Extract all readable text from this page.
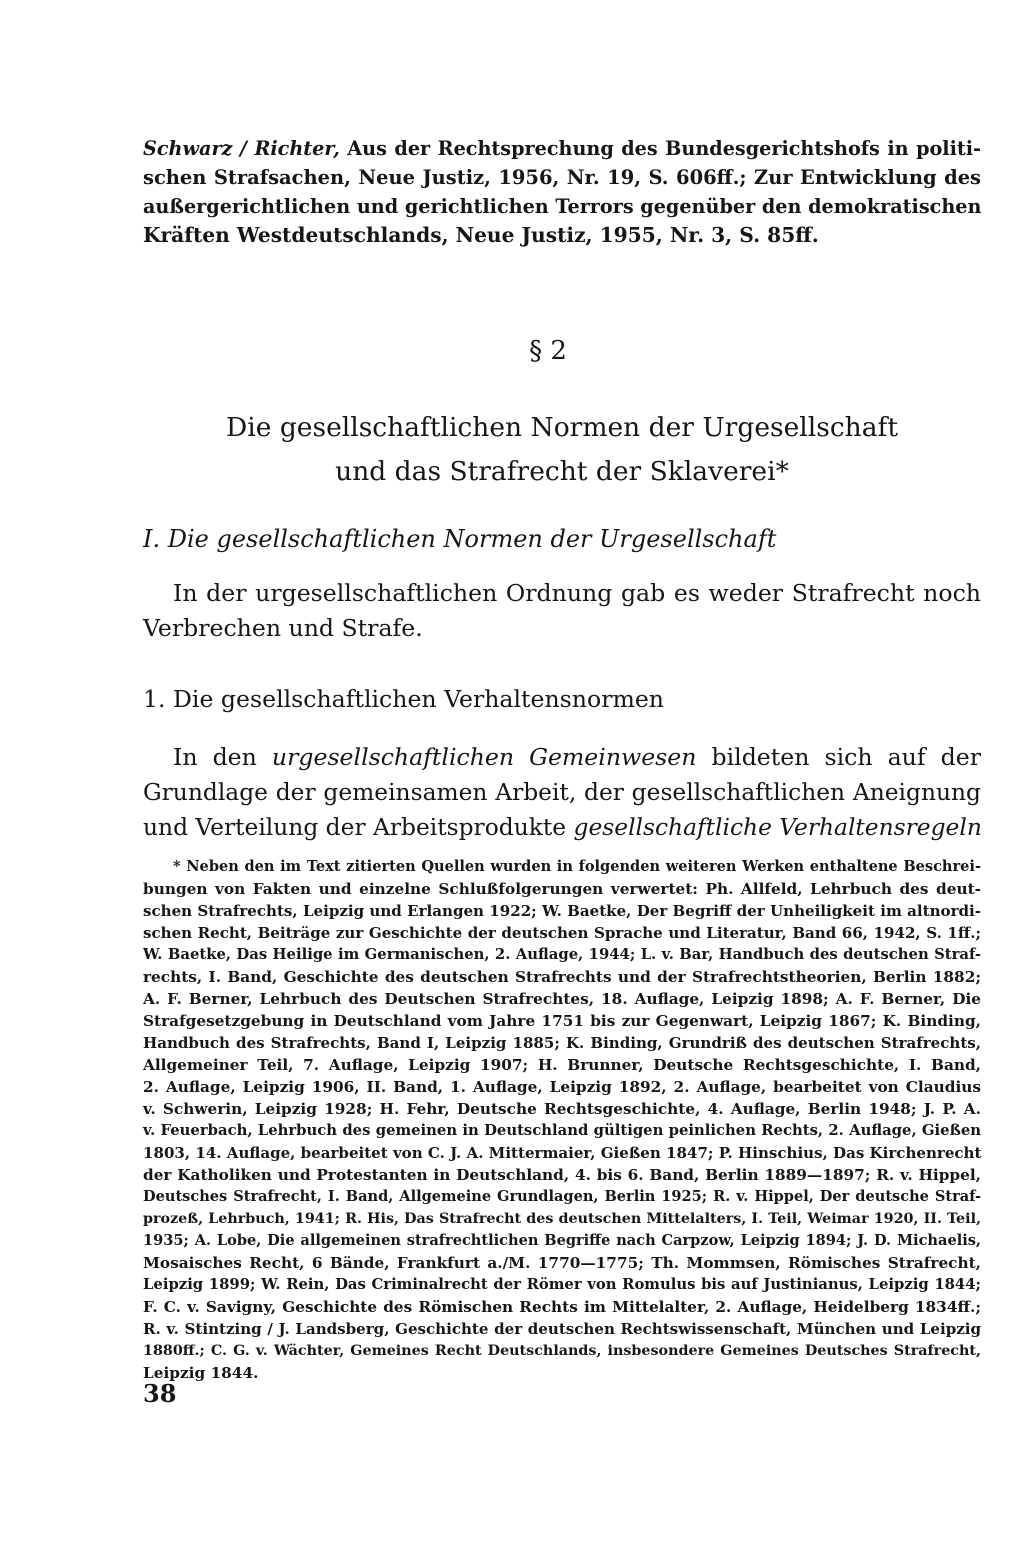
Schwarz / Richter, Aus der Rechtsprechung des Bundesgerichtshofs in politi-
schen Strafsachen, Neue Justiz, 1956, Nr. 19, S. 606ff.; Zur Entwicklung des
außergerichtlichen und gerichtlichen Terrors gegenüber den demokratischen
Kräften Westdeutschlands, Neue Justiz, 1955, Nr. 3, S. 85ff.
§ 2
Die gesellschaftlichen Normen der Urgesellschaft
und das Strafrecht der Sklaverei*
I. Die gesellschaftlichen Normen der Urgesellschaft
In der urgesellschaftlichen Ordnung gab es weder Strafrecht noch
Verbrechen und Strafe.
1. Die gesellschaftlichen Verhaltensnormen
In den urgesellschaftlichen Gemeinwesen bildeten sich auf der
Grundlage der gemeinsamen Arbeit, der gesellschaftlichen Aneignung
und Verteilung der Arbeitsprodukte gesellschaftliche Verhaltensregeln
* Neben den im Text zitierten Quellen wurden in folgenden weiteren Werken enthaltene Beschrei-
bungen von Fakten und einzelne Schlußfolgerungen verwertet: Ph. Allfeld, Lehrbuch des deut-
schen Strafrechts, Leipzig und Erlangen 1922; W. Baetke, Der Begriff der Unheiligkeit im altnordi-
schen Recht, Beiträge zur Geschichte der deutschen Sprache und Literatur, Band 66, 1942, S. 1ff.;
W. Baetke, Das Heilige im Germanischen, 2. Auflage, 1944; L. v. Bar, Handbuch des deutschen Straf-
rechts, I. Band, Geschichte des deutschen Strafrechts und der Strafrechtstheorien, Berlin 1882;
A. F. Berner, Lehrbuch des Deutschen Strafrechtes, 18. Auflage, Leipzig 1898; A. F. Berner, Die
Strafgesetzgebung in Deutschland vom Jahre 1751 bis zur Gegenwart, Leipzig 1867; K. Binding,
Handbuch des Strafrechts, Band I, Leipzig 1885; K. Binding, Grundriß des deutschen Strafrechts,
Allgemeiner Teil, 7. Auflage, Leipzig 1907; H. Brunner, Deutsche Rechtsgeschichte, I. Band,
2. Auflage, Leipzig 1906, II. Band, 1. Auflage, Leipzig 1892, 2. Auflage, bearbeitet von Claudius
v. Schwerin, Leipzig 1928; H. Fehr, Deutsche Rechtsgeschichte, 4. Auflage, Berlin 1948; J. P. A.
v. Feuerbach, Lehrbuch des gemeinen in Deutschland gültigen peinlichen Rechts, 2. Auflage, Gießen
1803, 14. Auflage, bearbeitet von C. J. A. Mittermaier, Gießen 1847; P. Hinschius, Das Kirchenrecht
der Katholiken und Protestanten in Deutschland, 4. bis 6. Band, Berlin 1889—1897; R. v. Hippel,
Deutsches Strafrecht, I. Band, Allgemeine Grundlagen, Berlin 1925; R. v. Hippel, Der deutsche Straf-
prozeß, Lehrbuch, 1941; R. His, Das Strafrecht des deutschen Mittelalters, I. Teil, Weimar 1920, II. Teil,
1935; A. Lobe, Die allgemeinen strafrechtlichen Begriffe nach Carpzow, Leipzig 1894; J. D. Michaelis,
Mosaisches Recht, 6 Bände, Frankfurt a./M. 1770—1775; Th. Mommsen, Römisches Strafrecht,
Leipzig 1899; W. Rein, Das Criminalrecht der Römer von Romulus bis auf Justinianus, Leipzig 1844;
F. C. v. Savigny, Geschichte des Römischen Rechts im Mittelalter, 2. Auflage, Heidelberg 1834ff.;
R. v. Stintzing / J. Landsberg, Geschichte der deutschen Rechtswissenschaft, München und Leipzig
1880ff.; C. G. v. Wächter, Gemeines Recht Deutschlands, insbesondere Gemeines Deutsches Strafrecht,
Leipzig 1844.
38
